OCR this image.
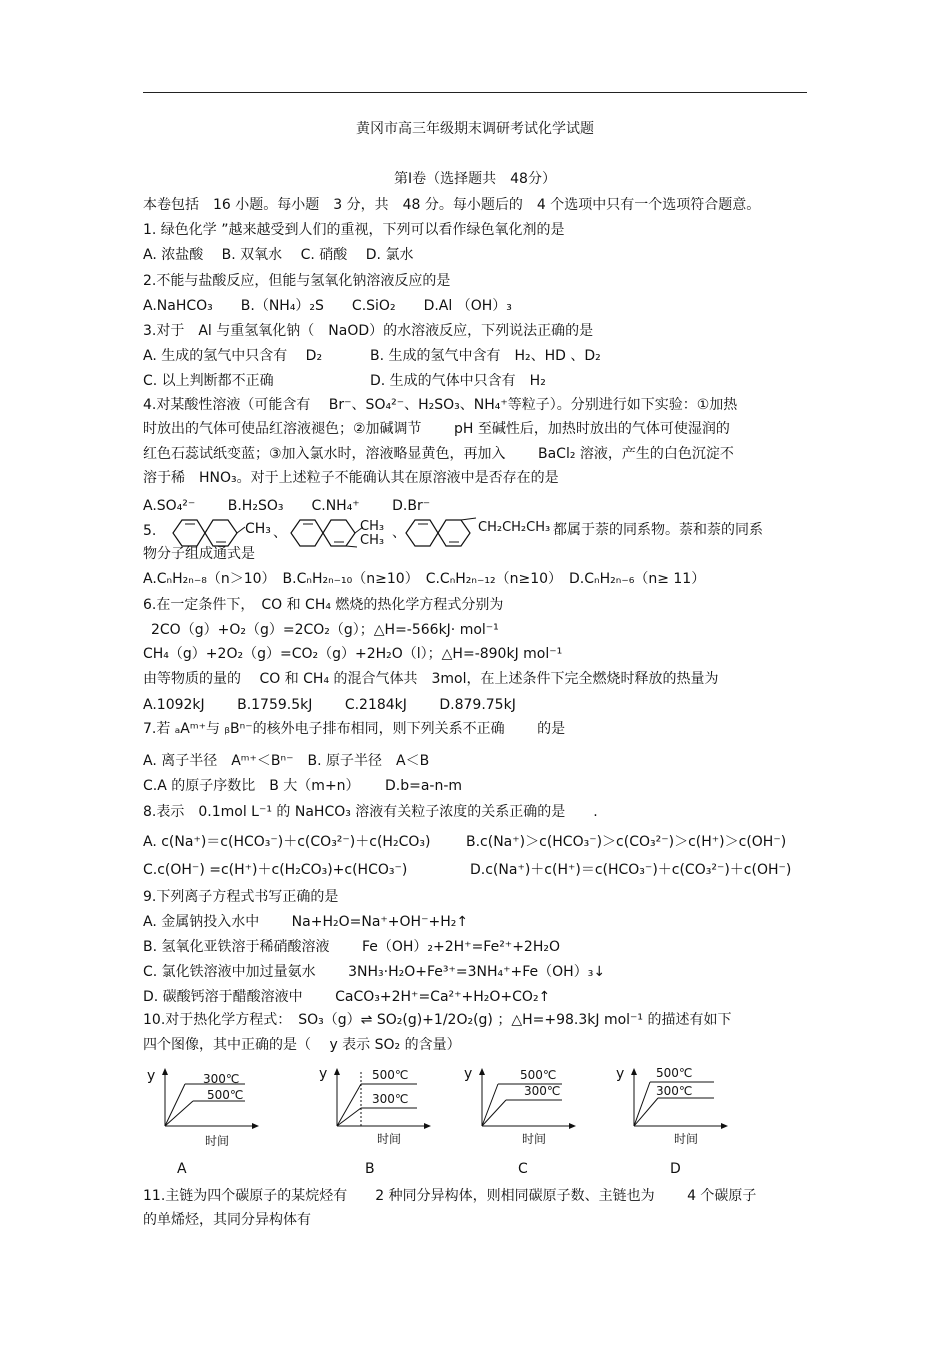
黄冈市高三年级期末调研考试化学试题
第Ⅰ卷（选择题共　48分）
本卷包括　16 小题。每小题　3 分，共　48 分。每小题后的　4 个选项中只有一个选项符合题意。
1. 绿色化学 ”越来越受到人们的重视，下列可以看作绿色氧化剂的是
A. 浓盐酸　 B. 双氧水　 C. 硝酸　 D. 氯水
2.不能与盐酸反应，但能与氢氧化钠溶液反应的是
A.NaHCO₃　　B.（NH₄）₂S　　C.SiO₂　　D.Al （OH）₃
3.对于　Al 与重氢氧化钠（　NaOD）的水溶液反应，下列说法正确的是
A. 生成的氢气中只含有　 D₂	B. 生成的氢气中含有　H₂、HD 、D₂
C. 以上判断都不正确	D. 生成的气体中只含有　H₂
4.对某酸性溶液（可能含有　 Br⁻、SO₄²⁻、H₂SO₃、NH₄⁺等粒子）。分别进行如下实验：①加热
时放出的气体可使品红溶液褪色；②加碱调节　　 pH 至碱性后，加热时放出的气体可使湿润的
红色石蕊试纸变蓝；③加入氯水时，溶液略显黄色，再加入　　 BaCl₂ 溶液，产生的白色沉淀不
溶于稀　HNO₃。对于上述粒子不能确认其在原溶液中是否存在的是
A.SO₄²⁻　　 B.H₂SO₃　　C.NH₄⁺　　 D.Br⁻
5.	CH₃ 、	CH₃
CH₃ 、	CH₂CH₂CH₃ 都属于萘的同系物。萘和萘的同系
物分子组成通式是
A.CₙH₂ₙ₋₈（n＞10）　B.CₙH₂ₙ₋₁₀（n≥10）　C.CₙH₂ₙ₋₁₂（n≥10）　D.CₙH₂ₙ₋₆（n≥ 11）
6.在一定条件下，　CO 和 CH₄ 燃烧的热化学方程式分别为
2CO（g）+O₂（g）=2CO₂（g）；△H=-566kJ· mol⁻¹
CH₄（g）+2O₂（g）=CO₂（g）+2H₂O（l）；△H=-890kJ mol⁻¹
由等物质的量的　 CO 和 CH₄ 的混合气体共　3mol，在上述条件下完全燃烧时释放的热量为
A.1092kJ　　 B.1759.5kJ　　 C.2184kJ　　 D.879.75kJ
7.若 ₐAᵐ⁺与 ᵦBⁿ⁻的核外电子排布相同，则下列关系不正确　　 的是
A. 离子半径　Aᵐ⁺＜Bⁿ⁻　B. 原子半径　A＜B
C.A 的原子序数比　B 大（m+n）　　 D.b=a-n-m
8.表示　0.1mol L⁻¹ 的 NaHCO₃ 溶液有关粒子浓度的关系正确的是　　.
A. c(Na⁺)＝c(HCO₃⁻)＋c(CO₃²⁻)＋c(H₂CO₃)	B.c(Na⁺)＞c(HCO₃⁻)＞c(CO₃²⁻)＞c(H⁺)＞c(OH⁻)
C.c(OH⁻) =c(H⁺)＋c(H₂CO₃)+c(HCO₃⁻)	D.c(Na⁺)＋c(H⁺)＝c(HCO₃⁻)＋c(CO₃²⁻)＋c(OH⁻)
9.下列离子方程式书写正确的是
A. 金属钠投入水中　　 Na+H₂O=Na⁺+OH⁻+H₂↑
B. 氢氧化亚铁溶于稀硝酸溶液　　 Fe（OH）₂+2H⁺=Fe²⁺+2H₂O
C. 氯化铁溶液中加过量氨水　　 3NH₃·H₂O+Fe³⁺=3NH₄⁺+Fe（OH）₃↓
D. 碳酸钙溶于醋酸溶液中　　 CaCO₃+2H⁺=Ca²⁺+H₂O+CO₂↑
10.对于热化学方程式：　SO₃（g）⇌ SO₂(g)+1/2O₂(g) ；△H=+98.3kJ mol⁻¹ 的描述有如下
四个图像，其中正确的是（　 y 表示 SO₂ 的含量）
y	300℃
500℃
时间
A
y	500℃
300℃
时间
B
y	500℃
300℃
时间
C
y	500℃
300℃
时间
D
11.主链为四个碳原子的某烷烃有　　2 种同分异构体，则相同碳原子数、主链也为　　 4 个碳原子
的单烯烃，其同分异构体有
